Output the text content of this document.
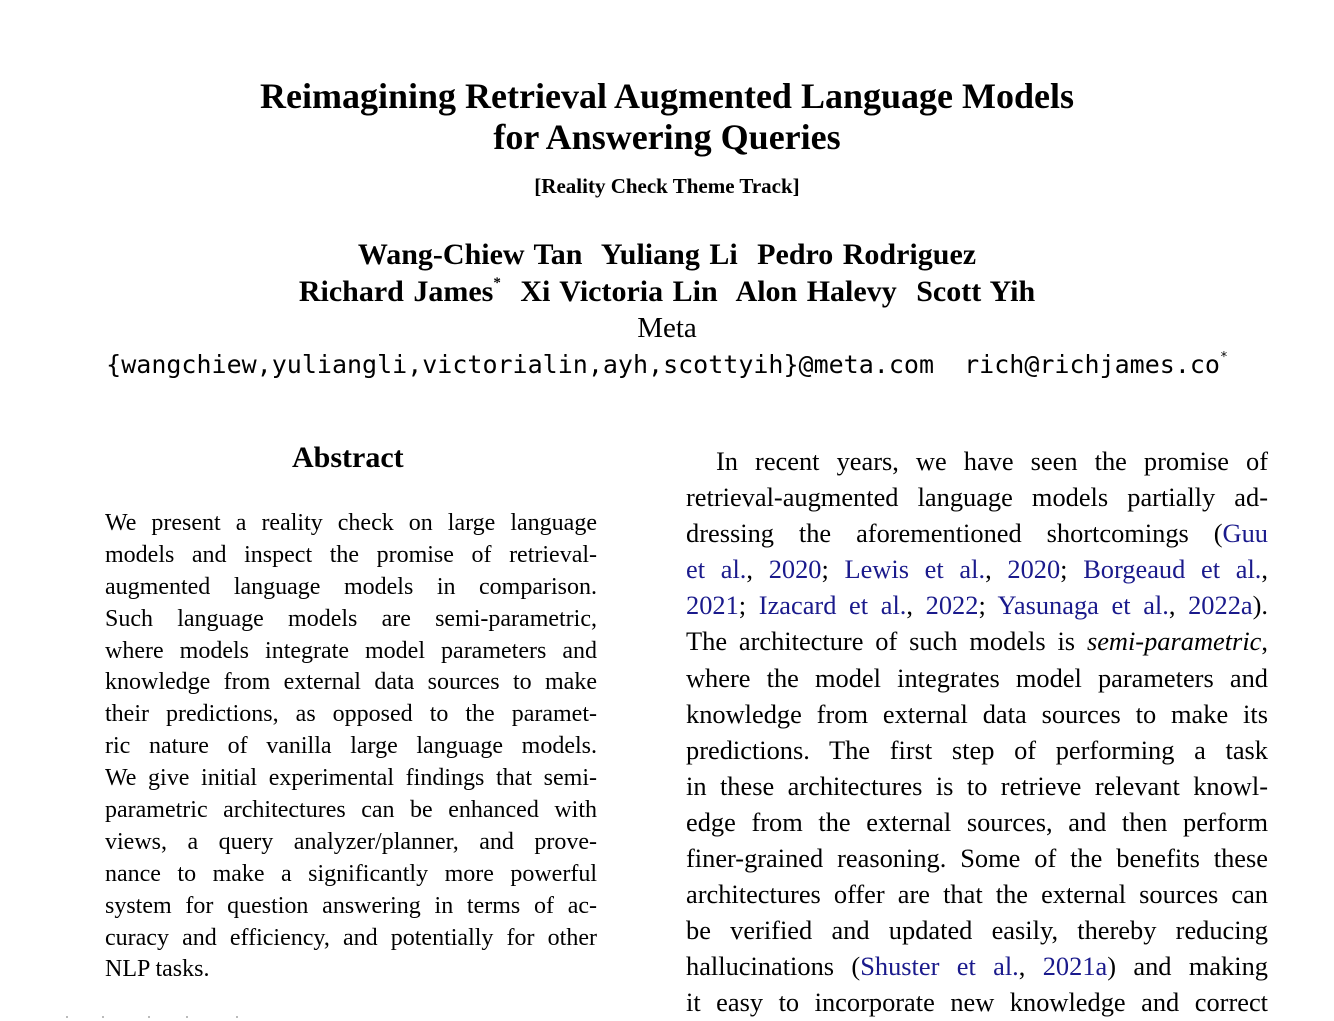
Reimagining Retrieval Augmented Language Models
for Answering Queries
[Reality Check Theme Track]
Wang-Chiew Tan Yuliang Li Pedro Rodriguez
Richard James* Xi Victoria Lin Alon Halevy Scott Yih
Meta
{wangchiew,yuliangli,victorialin,ayh,scottyih}@meta.com rich@richjames.co*
Abstract
We present a reality check on large language
models and inspect the promise of retrieval-
augmented language models in comparison.
Such language models are semi-parametric,
where models integrate model parameters and
knowledge from external data sources to make
their predictions, as opposed to the paramet-
ric nature of vanilla large language models.
We give initial experimental findings that semi-
parametric architectures can be enhanced with
views, a query analyzer/planner, and prove-
nance to make a significantly more powerful
system for question answering in terms of ac-
curacy and efficiency, and potentially for other
NLP tasks.
In recent years, we have seen the promise of
retrieval-augmented language models partially ad-
dressing the aforementioned shortcomings (Guu
et al., 2020; Lewis et al., 2020; Borgeaud et al.,
2021; Izacard et al., 2022; Yasunaga et al., 2022a).
The architecture of such models is semi-parametric,
where the model integrates model parameters and
knowledge from external data sources to make its
predictions. The first step of performing a task
in these architectures is to retrieve relevant knowl-
edge from the external sources, and then perform
finer-grained reasoning. Some of the benefits these
architectures offer are that the external sources can
be verified and updated easily, thereby reducing
hallucinations (Shuster et al., 2021a) and making
it easy to incorporate new knowledge and correct
